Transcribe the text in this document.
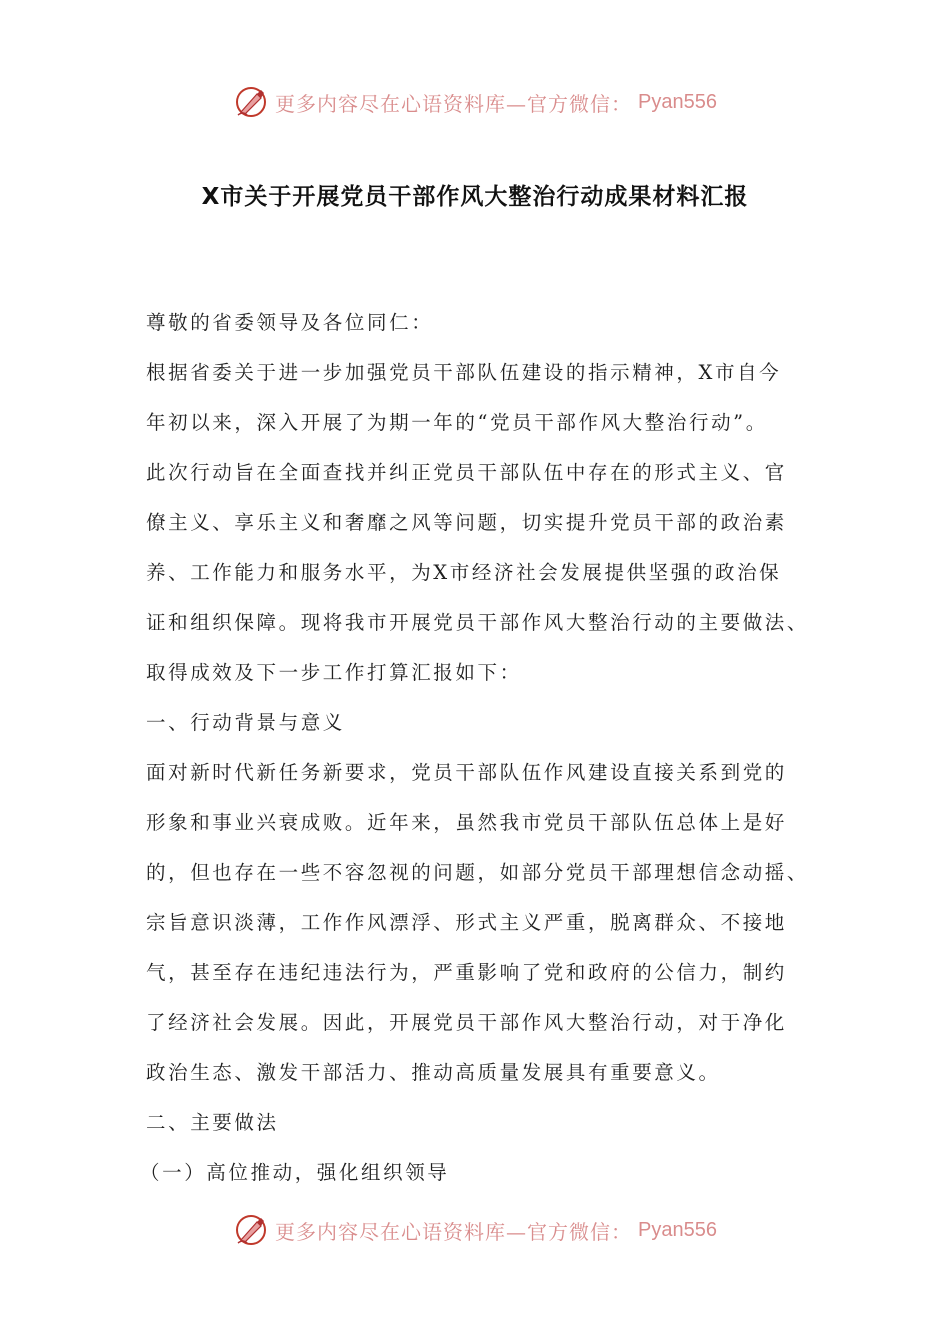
更多内容尽在心语资料库—官方微信： Pyan556
X市关于开展党员干部作风大整治行动成果材料汇报
尊敬的省委领导及各位同仁：
根据省委关于进一步加强党员干部队伍建设的指示精神，X市自今
年初以来，深入开展了为期一年的“党员干部作风大整治行动”。
此次行动旨在全面查找并纠正党员干部队伍中存在的形式主义、官
僚主义、享乐主义和奢靡之风等问题，切实提升党员干部的政治素
养、工作能力和服务水平，为X市经济社会发展提供坚强的政治保
证和组织保障。现将我市开展党员干部作风大整治行动的主要做法、
取得成效及下一步工作打算汇报如下：
一、行动背景与意义
面对新时代新任务新要求，党员干部队伍作风建设直接关系到党的
形象和事业兴衰成败。近年来，虽然我市党员干部队伍总体上是好
的，但也存在一些不容忽视的问题，如部分党员干部理想信念动摇、
宗旨意识淡薄，工作作风漂浮、形式主义严重，脱离群众、不接地
气，甚至存在违纪违法行为，严重影响了党和政府的公信力，制约
了经济社会发展。因此，开展党员干部作风大整治行动，对于净化
政治生态、激发干部活力、推动高质量发展具有重要意义。
二、主要做法
（一）高位推动，强化组织领导
更多内容尽在心语资料库—官方微信： Pyan556
